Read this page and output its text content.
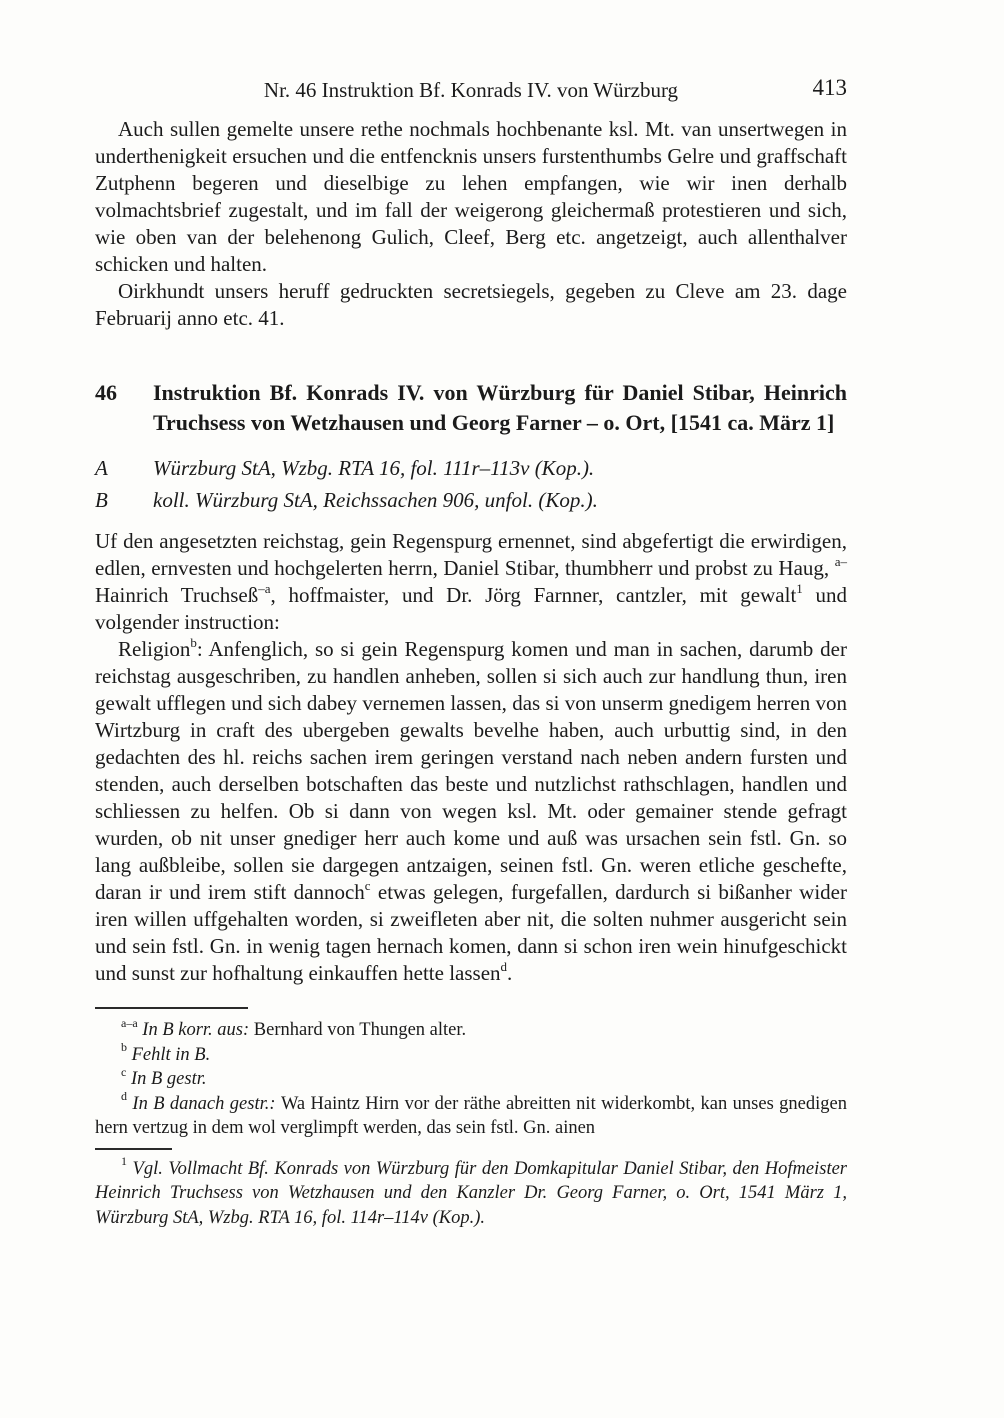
Nr. 46 Instruktion Bf. Konrads IV. von Würzburg	413

Auch sullen gemelte unsere rethe nochmals hochbenante ksl. Mt. van unsertwegen in underthenigkeit ersuchen und die entfencknis unsers furstenthumbs Gelre und graffschaft Zutphenn begeren und dieselbige zu lehen empfangen, wie wir inen derhalb volmachtsbrief zugestalt, und im fall der weigerong gleichermaß protestieren und sich, wie oben van der belehenong Gulich, Cleef, Berg etc. angetzeigt, auch allenthalver schicken und halten.

Oirkhundt unsers heruff gedruckten secretsiegels, gegeben zu Cleve am 23. dage Februarij anno etc. 41.

46	Instruktion Bf. Konrads IV. von Würzburg für Daniel Stibar, Heinrich Truchsess von Wetzhausen und Georg Farner – o. Ort, [1541 ca. März 1]
A	Würzburg StA, Wzbg. RTA 16, fol. 111r–113v (Kop.).
B	koll. Würzburg StA, Reichssachen 906, unfol. (Kop.).

Uf den angesetzten reichstag, gein Regenspurg ernennet, sind abgefertigt die erwirdigen, edlen, ernvesten und hochgelerten herrn, Daniel Stibar, thumbherr und probst zu Haug, $^{a-}$Hainrich Truchseß$^{-a}$, hoffmaister, und Dr. Jörg Farnner, cantzler, mit gewalt$^1$ und volgender instruction:

Religion$^b$: Anfenglich, so si gein Regenspurg komen und man in sachen, darumb der reichstag ausgeschriben, zu handlen anheben, sollen si sich auch zur handlung thun, iren gewalt ufflegen und sich dabey vernemen lassen, das si von unserm gnedigem herren von Wirtzburg in craft des ubergeben gewalts bevelhe haben, auch urbuttig sind, in den gedachten des hl. reichs sachen irem geringen verstand nach neben andern fursten und stenden, auch derselben botschaften das beste und nutzlichst rathschlagen, handlen und schliessen zu helfen. Ob si dann von wegen ksl. Mt. oder gemainer stende gefragt wurden, ob nit unser gnediger herr auch kome und auß was ursachen sein fstl. Gn. so lang außbleibe, sollen sie dargegen antzaigen, seinen fstl. Gn. weren etliche geschefte, daran ir und irem stift dannoch$^c$ etwas gelegen, furgefallen, dardurch si bißanher wider iren willen uffgehalten worden, si zweifleten aber nit, die solten nuhmer ausgericht sein und sein fstl. Gn. in wenig tagen hernach komen, dann si schon iren wein hinufgeschickt und sunst zur hofhaltung einkauffen hette lassen$^d$.

$^{a-a}$ In B korr. aus: Bernhard von Thungen alter.

$^b$ Fehlt in B.

$^c$ In B gestr.

$^d$ In B danach gestr.: Wa Haintz Hirn vor der räthe abreitten nit widerkombt, kan unses gnedigen hern vertzug in dem wol verglimpft werden, das sein fstl. Gn. ainen

$^1$ Vgl. Vollmacht Bf. Konrads von Würzburg für den Domkapitular Daniel Stibar, den Hofmeister Heinrich Truchsess von Wetzhausen und den Kanzler Dr. Georg Farner, o. Ort, 1541 März 1, Würzburg StA, Wzbg. RTA 16, fol. 114r–114v (Kop.).
